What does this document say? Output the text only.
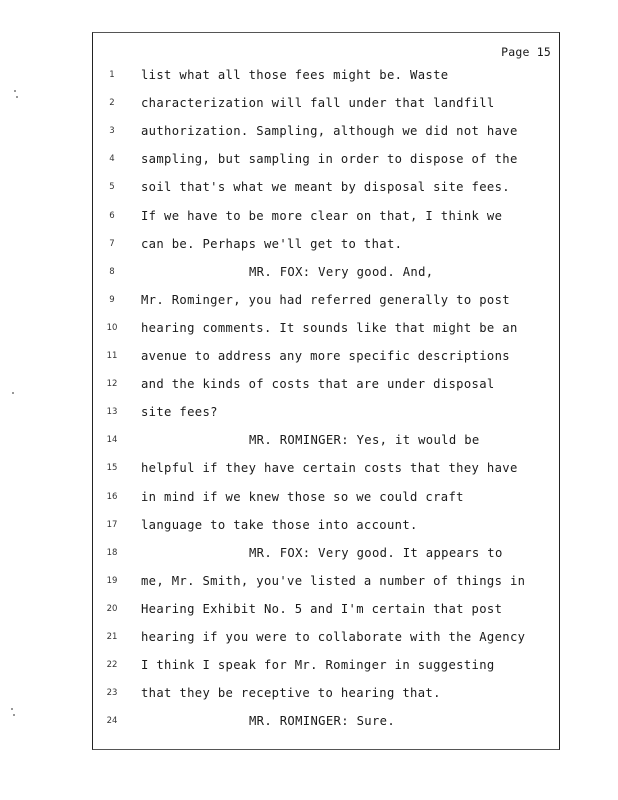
Page 15
1	list what all those fees might be. Waste
2	characterization will fall under that landfill
3	authorization. Sampling, although we did not have
4	sampling, but sampling in order to dispose of the
5	soil that's what we meant by disposal site fees.
6	If we have to be more clear on that, I think we
7	can be. Perhaps we'll get to that.
8	MR. FOX: Very good. And,
9	Mr. Rominger, you had referred generally to post
10 hearing comments. It sounds like that might be an
11 avenue to address any more specific descriptions
12 and the kinds of costs that are under disposal
13 site fees?
14	MR. ROMINGER: Yes, it would be
15 helpful if they have certain costs that they have
16 in mind if we knew those so we could craft
17 language to take those into account.
18	MR. FOX: Very good. It appears to
19 me, Mr. Smith, you've listed a number of things in
20 Hearing Exhibit No. 5 and I'm certain that post
21 hearing if you were to collaborate with the Agency
22 I think I speak for Mr. Rominger in suggesting
23 that they be receptive to hearing that.
24	MR. ROMINGER: Sure.
